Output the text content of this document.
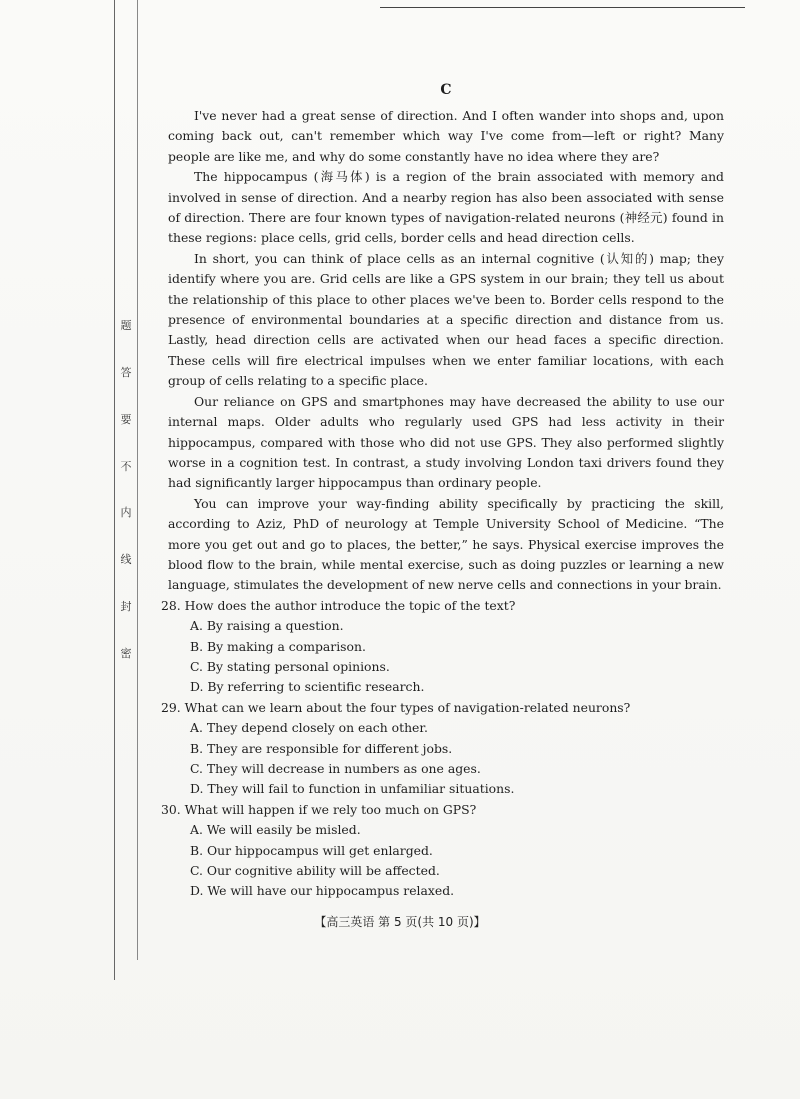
题
答
要
不
内
线
封
密

C

I've never had a great sense of direction. And I often wander into shops and, upon coming back out, can't remember which way I've come from—left or right? Many people are like me, and why do some constantly have no idea where they are?

The hippocampus (海马体) is a region of the brain associated with memory and involved in sense of direction. And a nearby region has also been associated with sense of direction. There are four known types of navigation-related neurons (神经元) found in these regions: place cells, grid cells, border cells and head direction cells.

In short, you can think of place cells as an internal cognitive (认知的) map; they identify where you are. Grid cells are like a GPS system in our brain; they tell us about the relationship of this place to other places we've been to. Border cells respond to the presence of environmental boundaries at a specific direction and distance from us. Lastly, head direction cells are activated when our head faces a specific direction. These cells will fire electrical impulses when we enter familiar locations, with each group of cells relating to a specific place.

Our reliance on GPS and smartphones may have decreased the ability to use our internal maps. Older adults who regularly used GPS had less activity in their hippocampus, compared with those who did not use GPS. They also performed slightly worse in a cognition test. In contrast, a study involving London taxi drivers found they had significantly larger hippocampus than ordinary people.

You can improve your way-finding ability specifically by practicing the skill, according to Aziz, PhD of neurology at Temple University School of Medicine. “The more you get out and go to places, the better,” he says. Physical exercise improves the blood flow to the brain, while mental exercise, such as doing puzzles or learning a new language, stimulates the development of new nerve cells and connections in your brain.

28. How does the author introduce the topic of the text?

A. By raising a question.

B. By making a comparison.

C. By stating personal opinions.

D. By referring to scientific research.

29. What can we learn about the four types of navigation-related neurons?

A. They depend closely on each other.

B. They are responsible for different jobs.

C. They will decrease in numbers as one ages.

D. They will fail to function in unfamiliar situations.

30. What will happen if we rely too much on GPS?

A. We will easily be misled.

B. Our hippocampus will get enlarged.

C. Our cognitive ability will be affected.

D. We will have our hippocampus relaxed.

【高三英语 第 5 页(共 10 页)】
